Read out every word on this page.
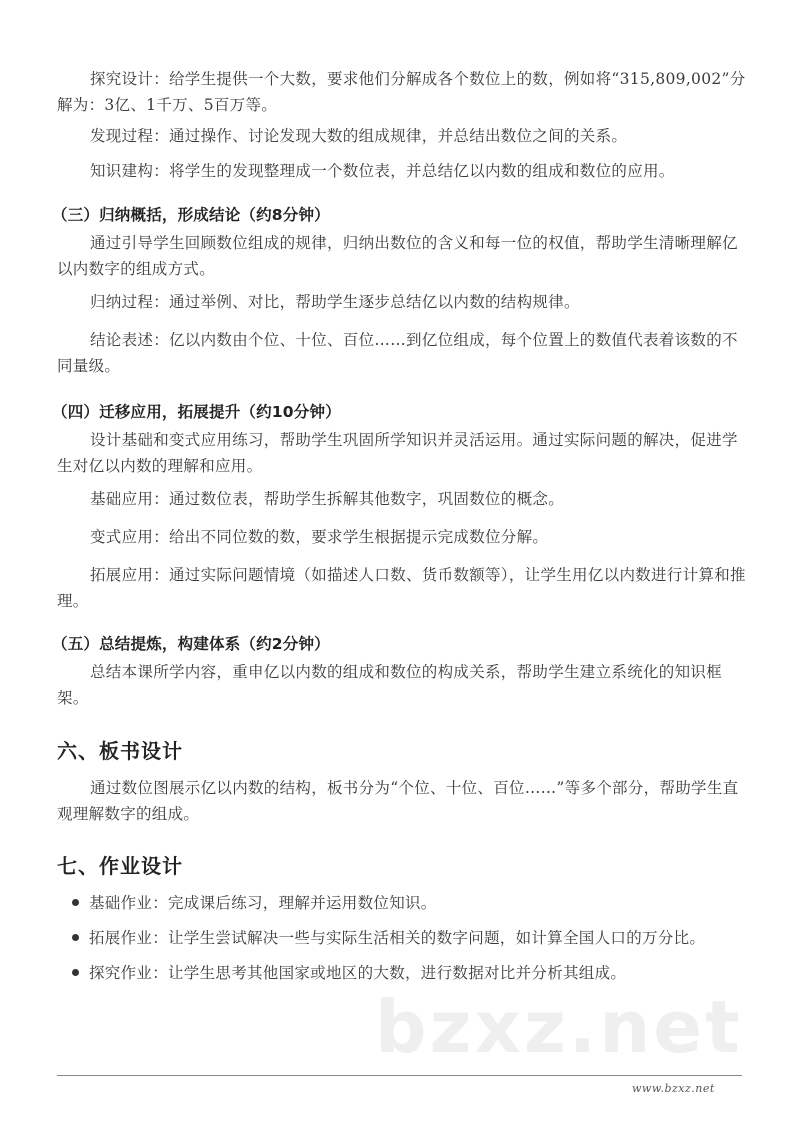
探究设计：给学生提供一个大数，要求他们分解成各个数位上的数，例如将“315,809,002”分解为：3亿、1千万、5百万等。
发现过程：通过操作、讨论发现大数的组成规律，并总结出数位之间的关系。
知识建构：将学生的发现整理成一个数位表，并总结亿以内数的组成和数位的应用。
（三）归纳概括，形成结论（约8分钟）
通过引导学生回顾数位组成的规律，归纳出数位的含义和每一位的权值，帮助学生清晰理解亿以内数字的组成方式。
归纳过程：通过举例、对比，帮助学生逐步总结亿以内数的结构规律。
结论表述：亿以内数由个位、十位、百位……到亿位组成，每个位置上的数值代表着该数的不同量级。
（四）迁移应用，拓展提升（约10分钟）
设计基础和变式应用练习，帮助学生巩固所学知识并灵活运用。通过实际问题的解决，促进学生对亿以内数的理解和应用。
基础应用：通过数位表，帮助学生拆解其他数字，巩固数位的概念。
变式应用：给出不同位数的数，要求学生根据提示完成数位分解。
拓展应用：通过实际问题情境（如描述人口数、货币数额等），让学生用亿以内数进行计算和推理。
（五）总结提炼，构建体系（约2分钟）
总结本课所学内容，重申亿以内数的组成和数位的构成关系，帮助学生建立系统化的知识框架。
六、板书设计
通过数位图展示亿以内数的结构，板书分为“个位、十位、百位……”等多个部分，帮助学生直观理解数字的组成。
七、作业设计
基础作业：完成课后练习，理解并运用数位知识。
拓展作业：让学生尝试解决一些与实际生活相关的数字问题，如计算全国人口的万分比。
探究作业：让学生思考其他国家或地区的大数，进行数据对比并分析其组成。
bzxz.net
www.bzxz.net
